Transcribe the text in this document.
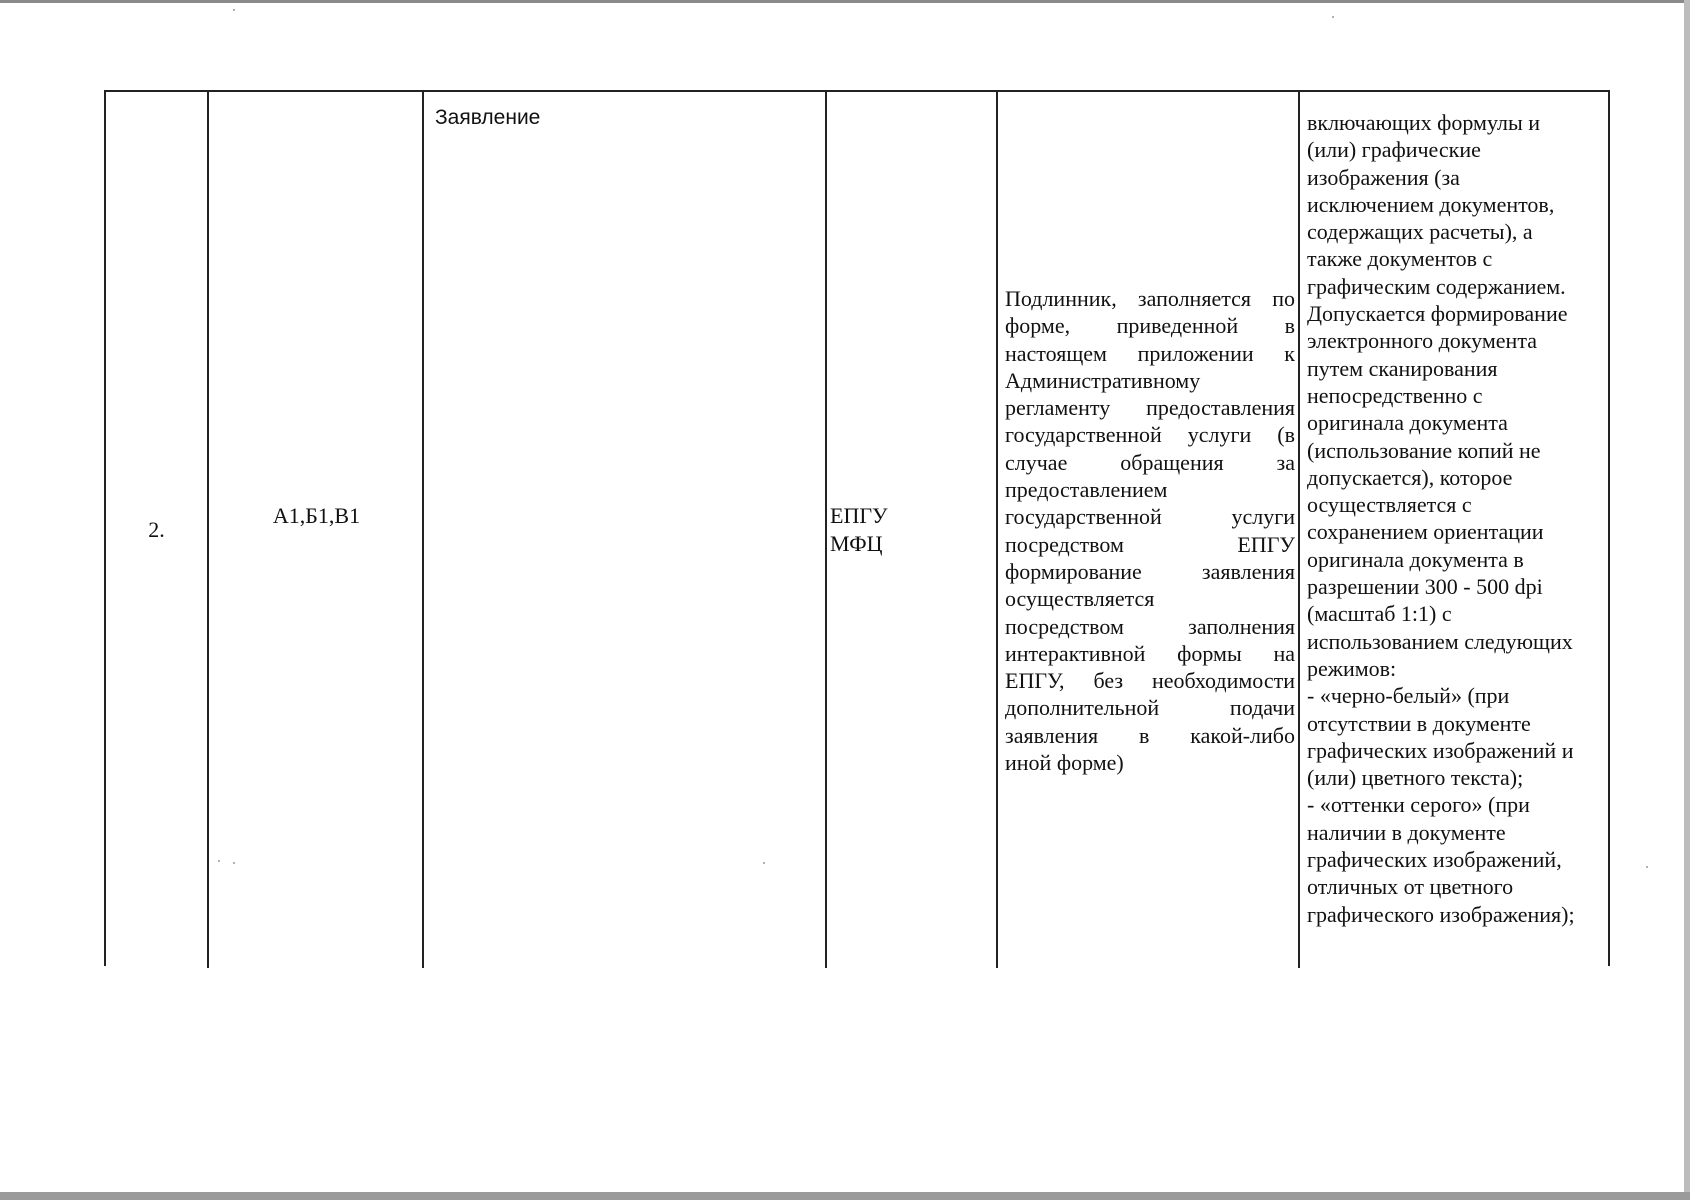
2.
А1,Б1,В1
Заявление
ЕПГУ
МФЦ
Подлинник, заполняется по
форме, приведенной в
настоящем приложении к
Административному
регламенту предоставления
государственной услуги (в
случае обращения за
предоставлением
государственной услуги
посредством ЕПГУ
формирование заявления
осуществляется
посредством заполнения
интерактивной формы на
ЕПГУ, без необходимости
дополнительной подачи
заявления в какой-либо
иной форме)
включающих формулы и
(или) графические
изображения (за
исключением документов,
содержащих расчеты), а
также документов с
графическим содержанием.
Допускается формирование
электронного документа
путем сканирования
непосредственно с
оригинала документа
(использование копий не
допускается), которое
осуществляется с
сохранением ориентации
оригинала документа в
разрешении 300 - 500 dpi
(масштаб 1:1) с
использованием следующих
режимов:
- «черно-белый» (при
отсутствии в документе
графических изображений и
(или) цветного текста);
- «оттенки серого» (при
наличии в документе
графических изображений,
отличных от цветного
графического изображения);
